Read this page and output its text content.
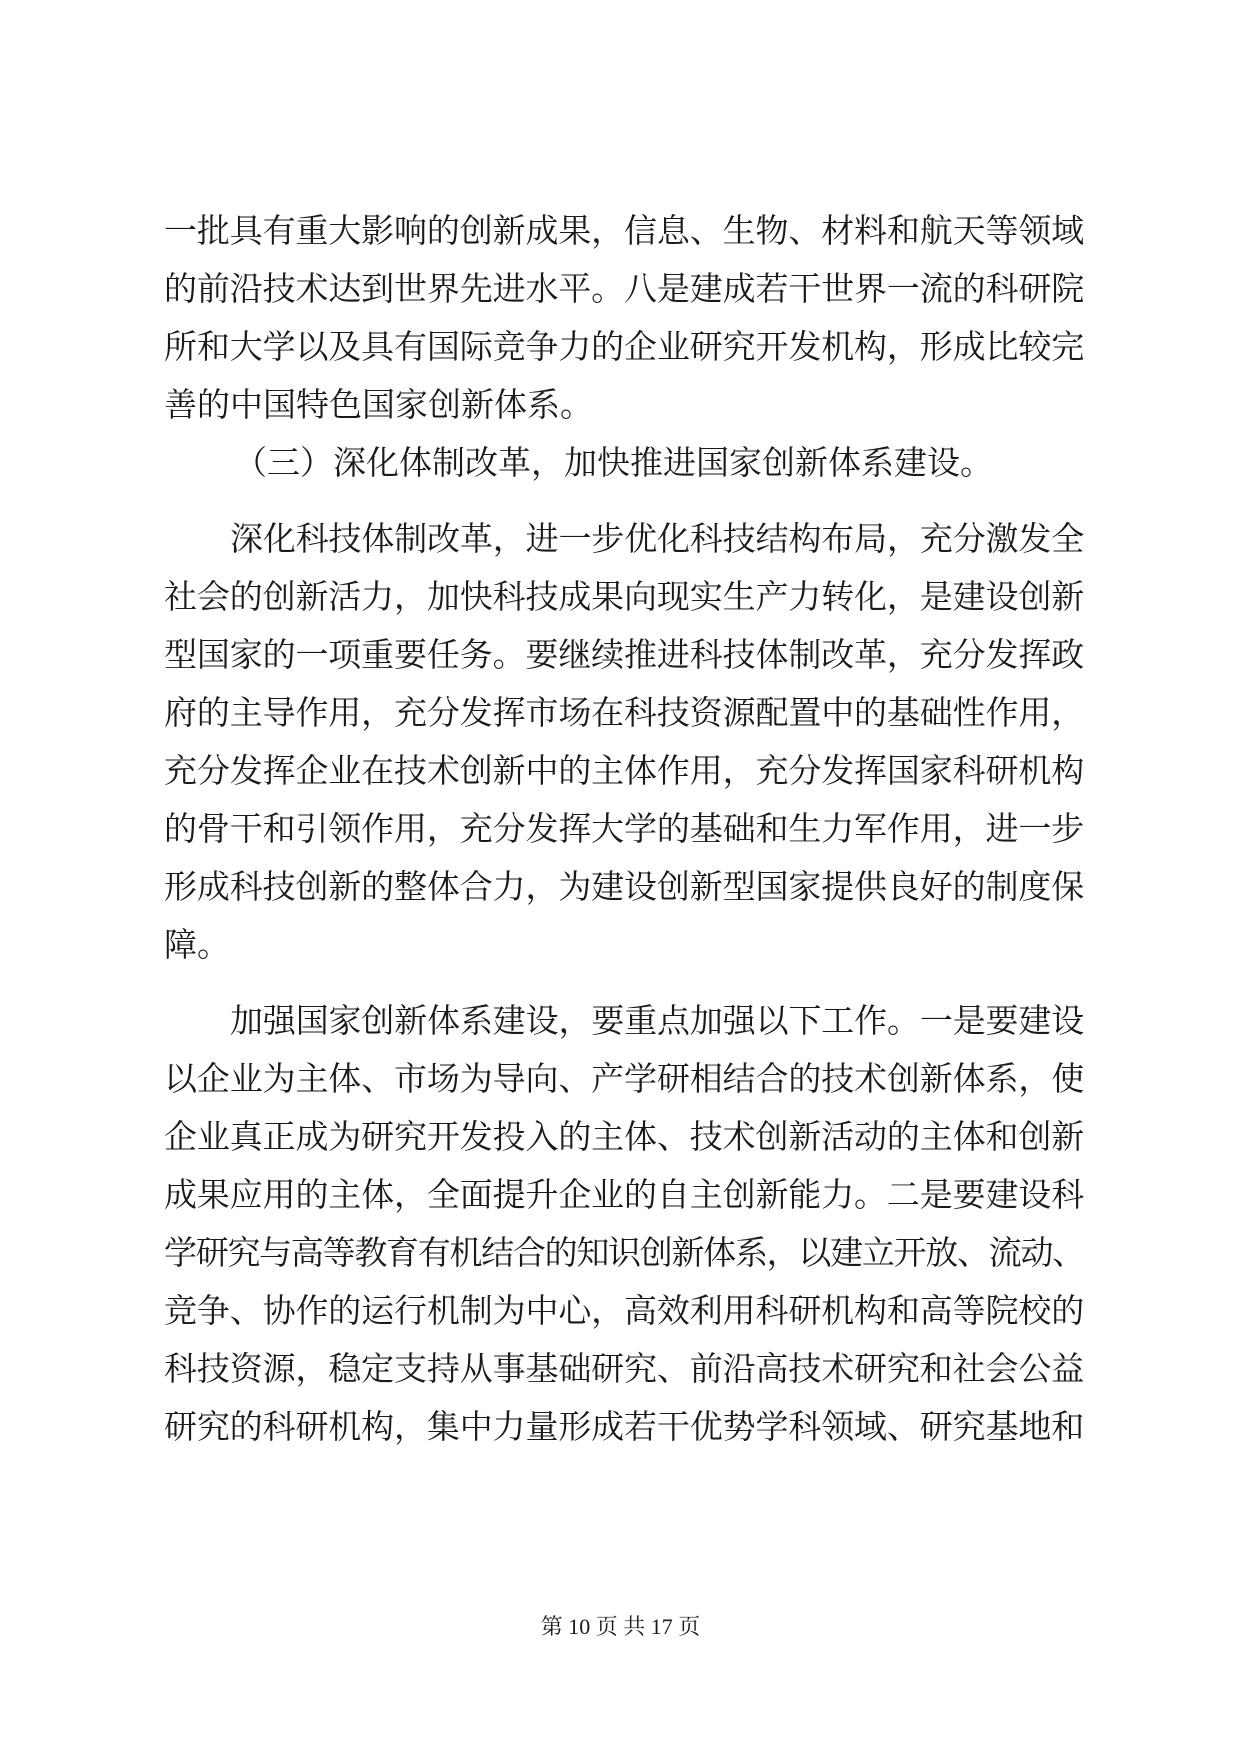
一批具有重大影响的创新成果，信息、生物、材料和航天等领域
的前沿技术达到世界先进水平。八是建成若干世界一流的科研院
所和大学以及具有国际竞争力的企业研究开发机构，形成比较完
善的中国特色国家创新体系。
（三）深化体制改革，加快推进国家创新体系建设。
深化科技体制改革，进一步优化科技结构布局，充分激发全
社会的创新活力，加快科技成果向现实生产力转化，是建设创新
型国家的一项重要任务。要继续推进科技体制改革，充分发挥政
府的主导作用，充分发挥市场在科技资源配置中的基础性作用，
充分发挥企业在技术创新中的主体作用，充分发挥国家科研机构
的骨干和引领作用，充分发挥大学的基础和生力军作用，进一步
形成科技创新的整体合力，为建设创新型国家提供良好的制度保
障。
加强国家创新体系建设，要重点加强以下工作。一是要建设
以企业为主体、市场为导向、产学研相结合的技术创新体系，使
企业真正成为研究开发投入的主体、技术创新活动的主体和创新
成果应用的主体，全面提升企业的自主创新能力。二是要建设科
学研究与高等教育有机结合的知识创新体系，以建立开放、流动、
竞争、协作的运行机制为中心，高效利用科研机构和高等院校的
科技资源，稳定支持从事基础研究、前沿高技术研究和社会公益
研究的科研机构，集中力量形成若干优势学科领域、研究基地和
第 10 页 共 17 页
